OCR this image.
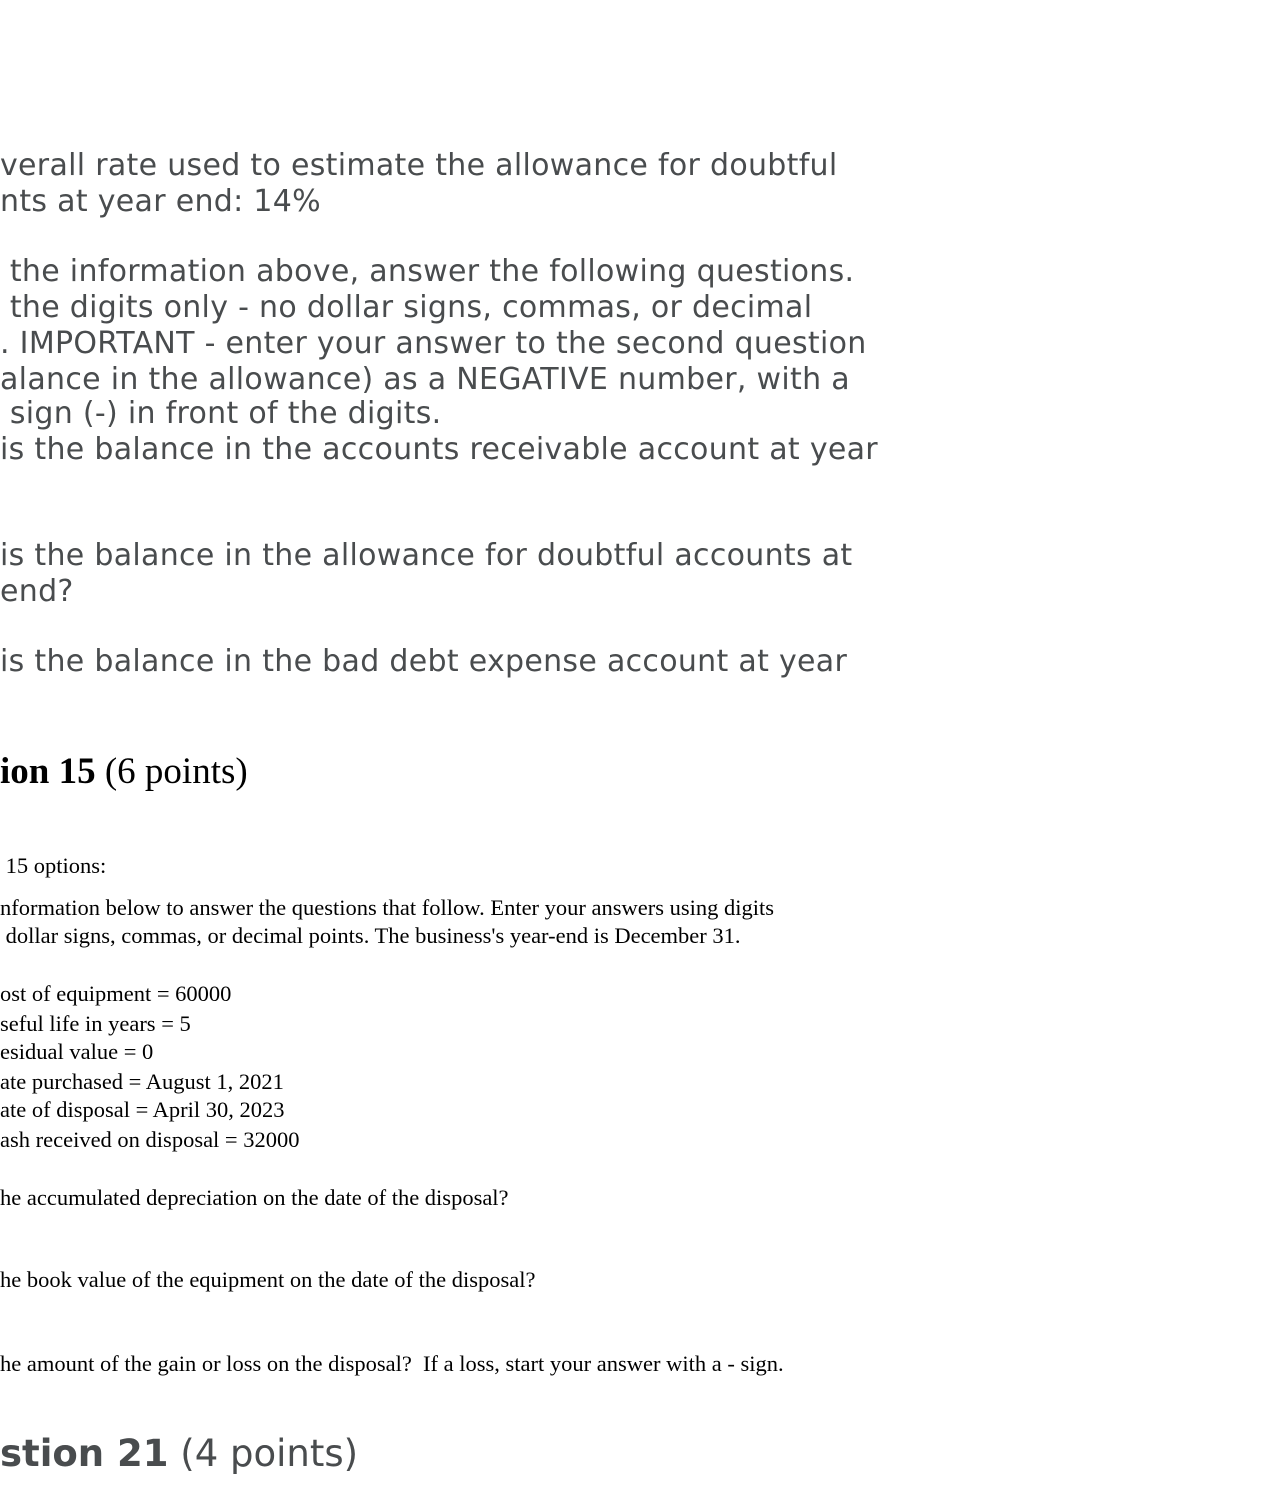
verall rate used to estimate the allowance for doubtful

nts at year end: 14%

the information above, answer the following questions.

the digits only - no dollar signs, commas, or decimal

. IMPORTANT - enter your answer to the second question

alance in the allowance) as a NEGATIVE number, with a

sign (-) in front of the digits.

is the balance in the accounts receivable account at year

is the balance in the allowance for doubtful accounts at

end?

is the balance in the bad debt expense account at year

ion 15 (6 points)

15 options:

nformation below to answer the questions that follow. Enter your answers using digits

dollar signs, commas, or decimal points. The business's year-end is December 31.

ost of equipment = 60000

seful life in years = 5

esidual value = 0

ate purchased = August 1, 2021

ate of disposal = April 30, 2023

ash received on disposal = 32000

he accumulated depreciation on the date of the disposal?

he book value of the equipment on the date of the disposal?

he amount of the gain or loss on the disposal?  If a loss, start your answer with a - sign.

stion 21 (4 points)
